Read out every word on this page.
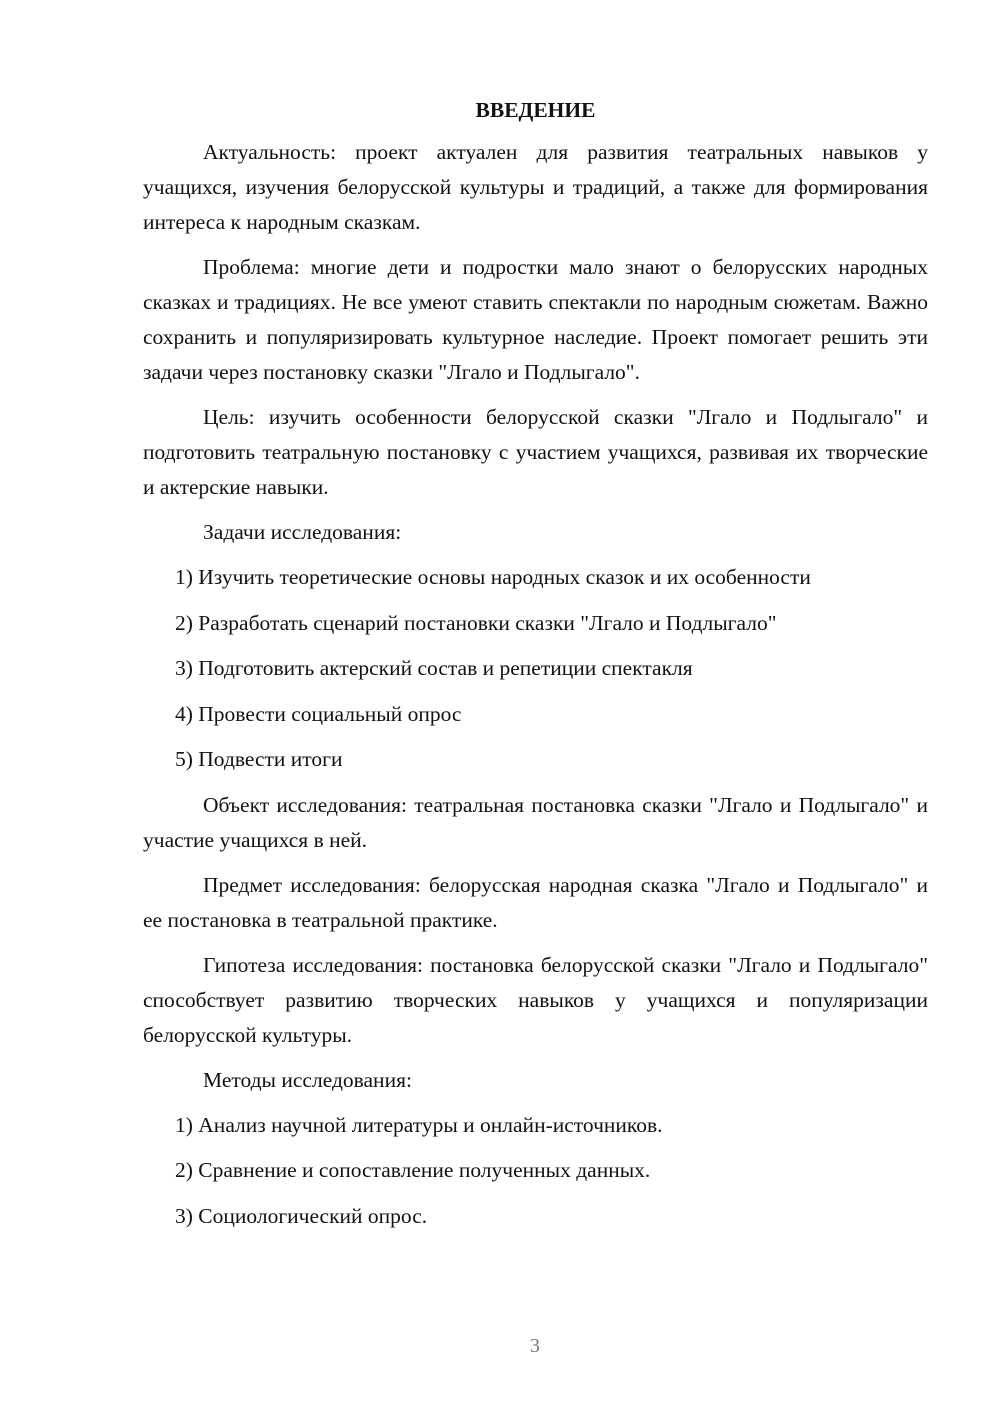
ВВЕДЕНИЕ

Актуальность: проект актуален для развития театральных навыков у учащихся, изучения белорусской культуры и традиций, а также для формирования интереса к народным сказкам.

Проблема: многие дети и подростки мало знают о белорусских народных сказках и традициях. Не все умеют ставить спектакли по народным сюжетам. Важно сохранить и популяризировать культурное наследие. Проект помогает решить эти задачи через постановку сказки "Лгало и Подлыгало".

Цель: изучить особенности белорусской сказки "Лгало и Подлыгало" и подготовить театральную постановку с участием учащихся, развивая их творческие и актерские навыки.

Задачи исследования:

1) Изучить теоретические основы народных сказок и их особенности

2) Разработать сценарий постановки сказки "Лгало и Подлыгало"

3) Подготовить актерский состав и репетиции спектакля

4) Провести социальный опрос

5) Подвести итоги

Объект исследования: театральная постановка сказки "Лгало и Подлыгало" и участие учащихся в ней.

Предмет исследования: белорусская народная сказка "Лгало и Подлыгало" и ее постановка в театральной практике.

Гипотеза исследования: постановка белорусской сказки "Лгало и Подлыгало" способствует развитию творческих навыков у учащихся и популяризации белорусской культуры.

Методы исследования:

1) Анализ научной литературы и онлайн-источников.

2) Сравнение и сопоставление полученных данных.

3) Социологический опрос.

3
